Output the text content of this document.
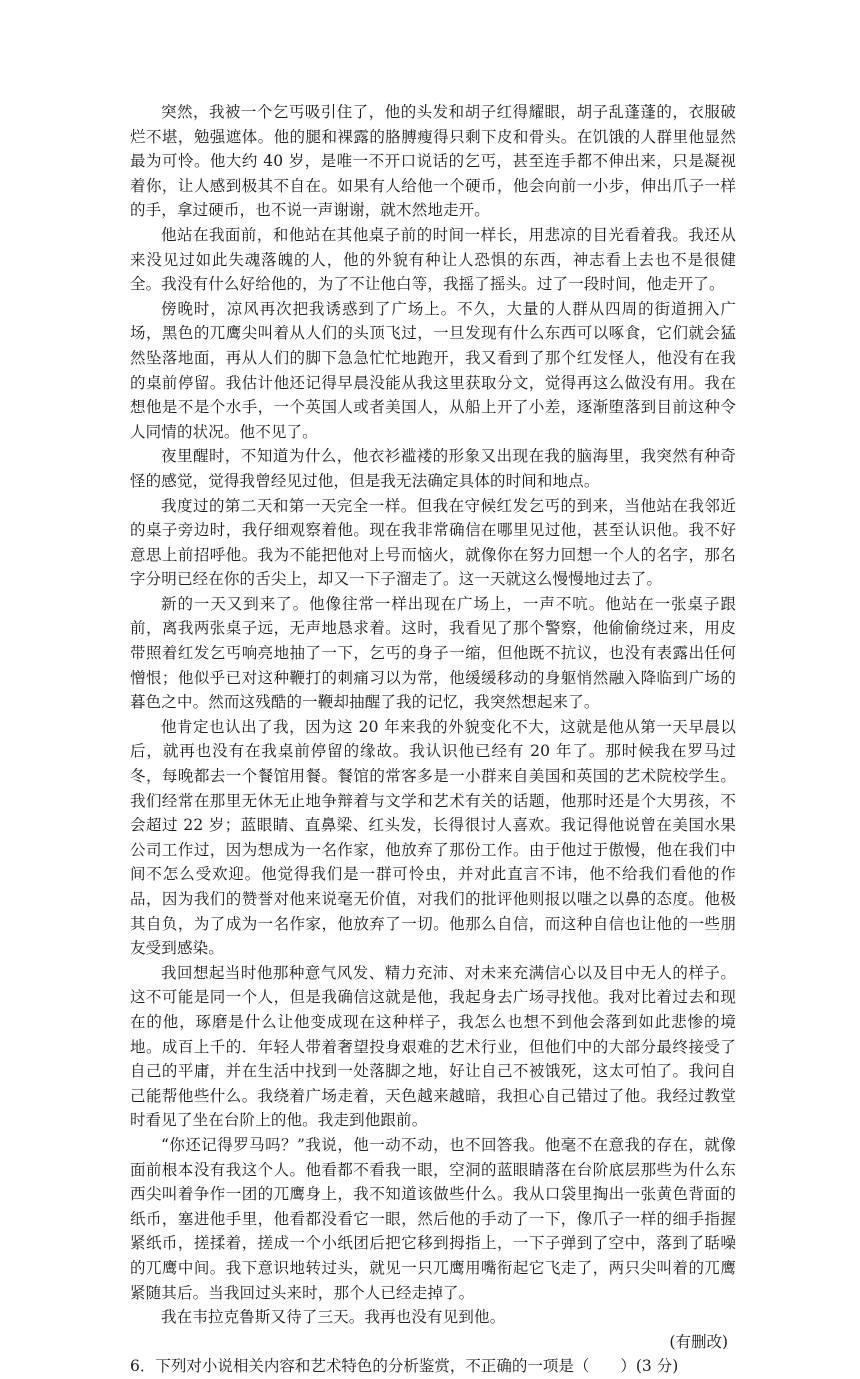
突然，我被一个乞丐吸引住了，他的头发和胡子红得耀眼，胡子乱蓬蓬的，衣服破烂不堪，勉强遮体。他的腿和裸露的胳膊瘦得只剩下皮和骨头。在饥饿的人群里他显然最为可怜。他大约 40 岁，是唯一不开口说话的乞丐，甚至连手都不伸出来，只是凝视着你，让人感到极其不自在。如果有人给他一个硬币，他会向前一小步，伸出爪子一样的手，拿过硬币，也不说一声谢谢，就木然地走开。

他站在我面前，和他站在其他桌子前的时间一样长，用悲凉的目光看着我。我还从来没见过如此失魂落魄的人，他的外貌有种让人恐惧的东西，神志看上去也不是很健全。我没有什么好给他的，为了不让他白等，我摇了摇头。过了一段时间，他走开了。

傍晚时，凉风再次把我诱惑到了广场上。不久，大量的人群从四周的街道拥入广场，黑色的兀鹰尖叫着从人们的头顶飞过，一旦发现有什么东西可以啄食，它们就会猛然坠落地面，再从人们的脚下急急忙忙地跑开，我又看到了那个红发怪人，他没有在我的桌前停留。我估计他还记得早晨没能从我这里获取分文，觉得再这么做没有用。我在想他是不是个水手，一个英国人或者美国人，从船上开了小差，逐渐堕落到目前这种令人同情的状况。他不见了。

夜里醒时，不知道为什么，他衣衫褴褛的形象又出现在我的脑海里，我突然有种奇怪的感觉，觉得我曾经见过他，但是我无法确定具体的时间和地点。

我度过的第二天和第一天完全一样。但我在守候红发乞丐的到来，当他站在我邻近的桌子旁边时，我仔细观察着他。现在我非常确信在哪里见过他，甚至认识他。我不好意思上前招呼他。我为不能把他对上号而恼火，就像你在努力回想一个人的名字，那名字分明已经在你的舌尖上，却又一下子溜走了。这一天就这么慢慢地过去了。

新的一天又到来了。他像往常一样出现在广场上，一声不吭。他站在一张桌子跟前，离我两张桌子远，无声地恳求着。这时，我看见了那个警察，他偷偷绕过来，用皮带照着红发乞丐响亮地抽了一下，乞丐的身子一缩，但他既不抗议，也没有表露出任何憎恨；他似乎已对这种鞭打的刺痛习以为常，他缓缓移动的身躯悄然融入降临到广场的暮色之中。然而这残酷的一鞭却抽醒了我的记忆，我突然想起来了。

他肯定也认出了我，因为这 20 年来我的外貌变化不大，这就是他从第一天早晨以后，就再也没有在我桌前停留的缘故。我认识他已经有 20 年了。那时候我在罗马过冬，每晚都去一个餐馆用餐。餐馆的常客多是一小群来自美国和英国的艺术院校学生。我们经常在那里无休无止地争辩着与文学和艺术有关的话题，他那时还是个大男孩，不会超过 22 岁；蓝眼睛、直鼻梁、红头发，长得很讨人喜欢。我记得他说曾在美国水果公司工作过，因为想成为一名作家，他放弃了那份工作。由于他过于傲慢，他在我们中间不怎么受欢迎。他觉得我们是一群可怜虫，并对此直言不讳，他不给我们看他的作品，因为我们的赞誉对他来说毫无价值，对我们的批评他则报以嗤之以鼻的态度。他极其自负，为了成为一名作家，他放弃了一切。他那么自信，而这种自信也让他的一些朋友受到感染。

我回想起当时他那种意气风发、精力充沛、对未来充满信心以及目中无人的样子。这不可能是同一个人，但是我确信这就是他，我起身去广场寻找他。我对比着过去和现在的他，琢磨是什么让他变成现在这种样子，我怎么也想不到他会落到如此悲惨的境地。成百上千的．年轻人带着奢望投身艰难的艺术行业，但他们中的大部分最终接受了自己的平庸，并在生活中找到一处落脚之地，好让自己不被饿死，这太可怕了。我问自己能帮他些什么。我绕着广场走着，天色越来越暗，我担心自己错过了他。我经过教堂时看见了坐在台阶上的他。我走到他跟前。

“你还记得罗马吗？”我说，他一动不动，也不回答我。他毫不在意我的存在，就像面前根本没有我这个人。他看都不看我一眼，空洞的蓝眼睛落在台阶底层那些为什么东西尖叫着争作一团的兀鹰身上，我不知道该做些什么。我从口袋里掏出一张黄色背面的纸币，塞进他手里，他看都没看它一眼，然后他的手动了一下，像爪子一样的细手指握紧纸币，搓揉着，搓成一个小纸团后把它移到拇指上，一下子弹到了空中，落到了聒噪的兀鹰中间。我下意识地转过头，就见一只兀鹰用嘴衔起它飞走了，两只尖叫着的兀鹰紧随其后。当我回过头来时，那个人已经走掉了。

我在韦拉克鲁斯又待了三天。我再也没有见到他。

(有删改)

6．下列对小说相关内容和艺术特色的分析鉴赏，不正确的一项是（　　）(3 分)
